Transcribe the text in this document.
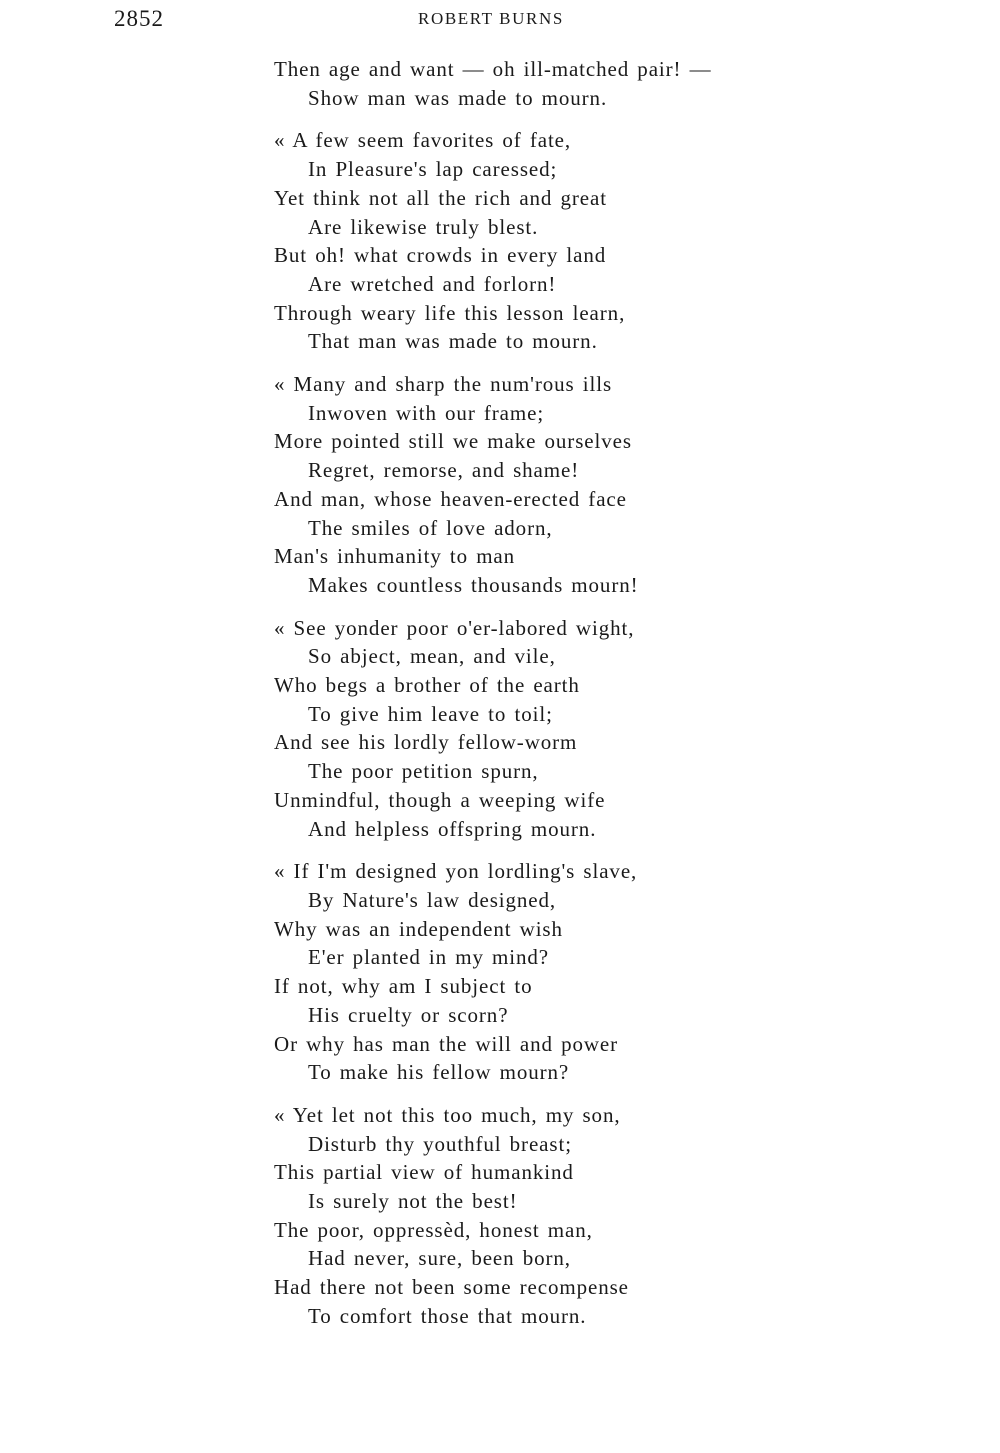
2852	ROBERT BURNS
Then age and want — oh ill-matched pair! —
Show man was made to mourn.
« A few seem favorites of fate,
In Pleasure's lap caressed;
Yet think not all the rich and great
Are likewise truly blest.
But oh! what crowds in every land
Are wretched and forlorn!
Through weary life this lesson learn,
That man was made to mourn.
« Many and sharp the num'rous ills
Inwoven with our frame;
More pointed still we make ourselves
Regret, remorse, and shame!
And man, whose heaven-erected face
The smiles of love adorn,
Man's inhumanity to man
Makes countless thousands mourn!
« See yonder poor o'er-labored wight,
So abject, mean, and vile,
Who begs a brother of the earth
To give him leave to toil;
And see his lordly fellow-worm
The poor petition spurn,
Unmindful, though a weeping wife
And helpless offspring mourn.
« If I'm designed yon lordling's slave,
By Nature's law designed,
Why was an independent wish
E'er planted in my mind?
If not, why am I subject to
His cruelty or scorn?
Or why has man the will and power
To make his fellow mourn?
« Yet let not this too much, my son,
Disturb thy youthful breast;
This partial view of humankind
Is surely not the best!
The poor, oppressèd, honest man,
Had never, sure, been born,
Had there not been some recompense
To comfort those that mourn.
